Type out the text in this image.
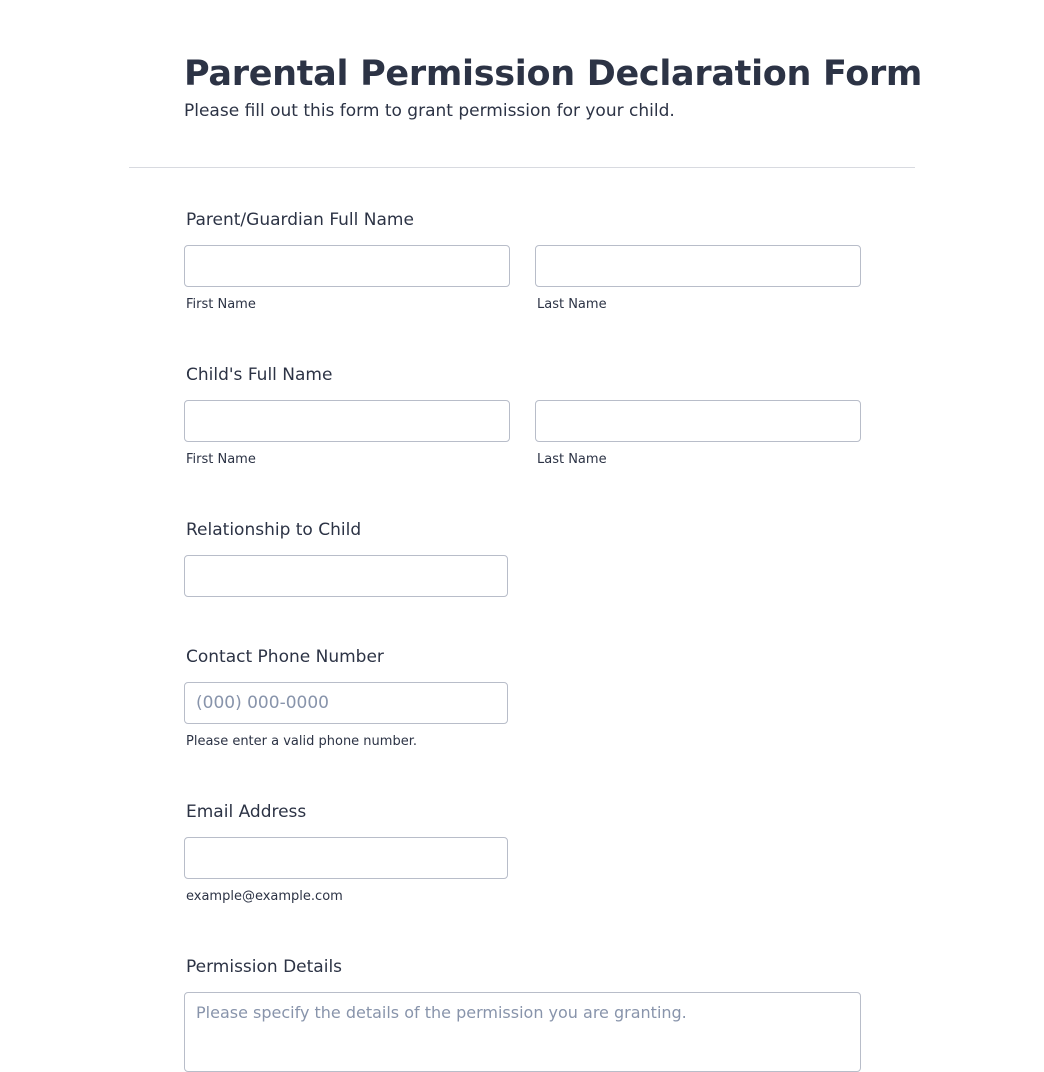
Parental Permission Declaration Form

Please fill out this form to grant permission for your child.

Parent/Guardian Full Name
First Name	Last Name
Child's Full Name
First Name	Last Name
Relationship to Child
Contact Phone Number
(000) 000-0000
Please enter a valid phone number.
Email Address
example@example.com
Permission Details
Please specify the details of the permission you are granting.
